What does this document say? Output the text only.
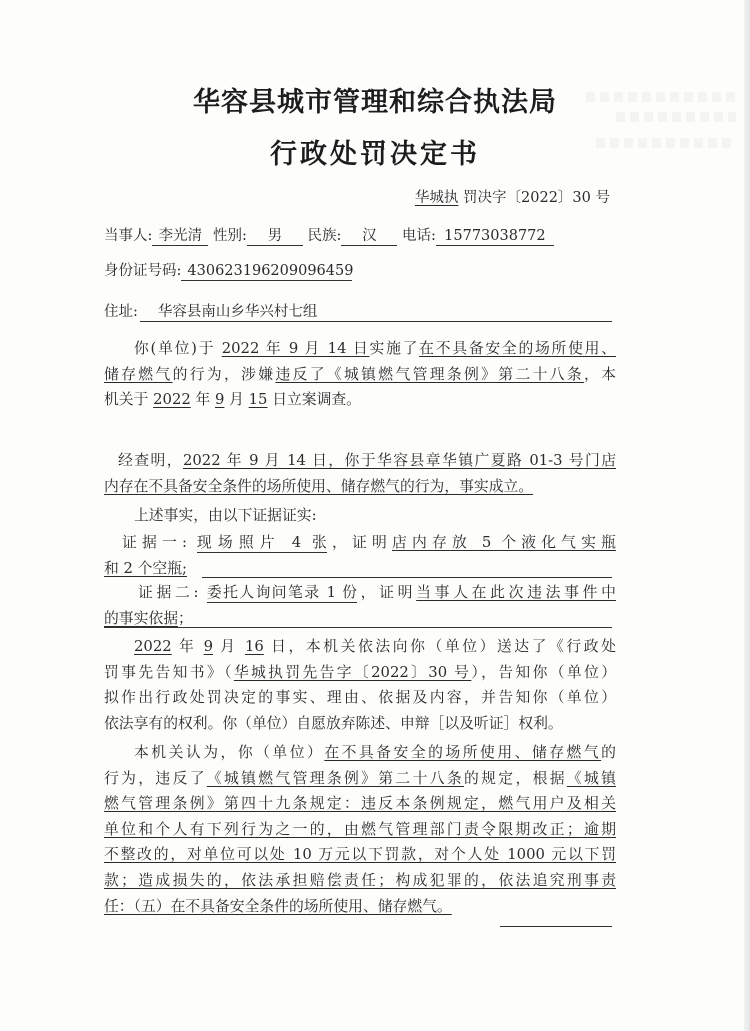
华容县城市管理和综合执法局
行政处罚决定书
华城执 罚决字〔2022〕30 号
当事人: 李光清 性别: 男 民族: 汉 电话: 15773038772
身份证号码: 430623196209096459
住址: 华容县南山乡华兴村七组

你(单位)于 2022 年 9 月 14 日实施了在不具备安全的场所使用、

储存燃气的行为，涉嫌违反了《城镇燃气管理条例》第二十八条，本

机关于 2022 年 9 月 15 日立案调查。

经查明，2022 年 9 月 14 日，你于华容县章华镇广夏路 01-3 号门店

内存在不具备安全条件的场所使用、储存燃气的行为，事实成立。

上述事实，由以下证据证实:

证据一: 现场照片 4 张，证明店内存放 5 个液化气实瓶

和 2 个空瓶;

证据二: 委托人询问笔录 1 份，证明当事人在此次违法事件中

的事实依据；

2022 年 9 月 16 日，本机关依法向你（单位）送达了《行政处

罚事先告知书》（华城执罚先告字〔2022〕30 号），告知你（单位）

拟作出行政处罚决定的事实、理由、依据及内容，并告知你（单位）

依法享有的权利。你（单位）自愿放弃陈述、申辩［以及听证］权利。

本机关认为，你（单位）在不具备安全的场所使用、储存燃气的

行为，违反了《城镇燃气管理条例》第二十八条的规定，根据《城镇

燃气管理条例》第四十九条规定：违反本条例规定，燃气用户及相关

单位和个人有下列行为之一的，由燃气管理部门责令限期改正；逾期

不整改的，对单位可以处 10 万元以下罚款，对个人处 1000 元以下罚

款；造成损失的，依法承担赔偿责任；构成犯罪的，依法追究刑事责

任：（五）在不具备安全条件的场所使用、储存燃气。
